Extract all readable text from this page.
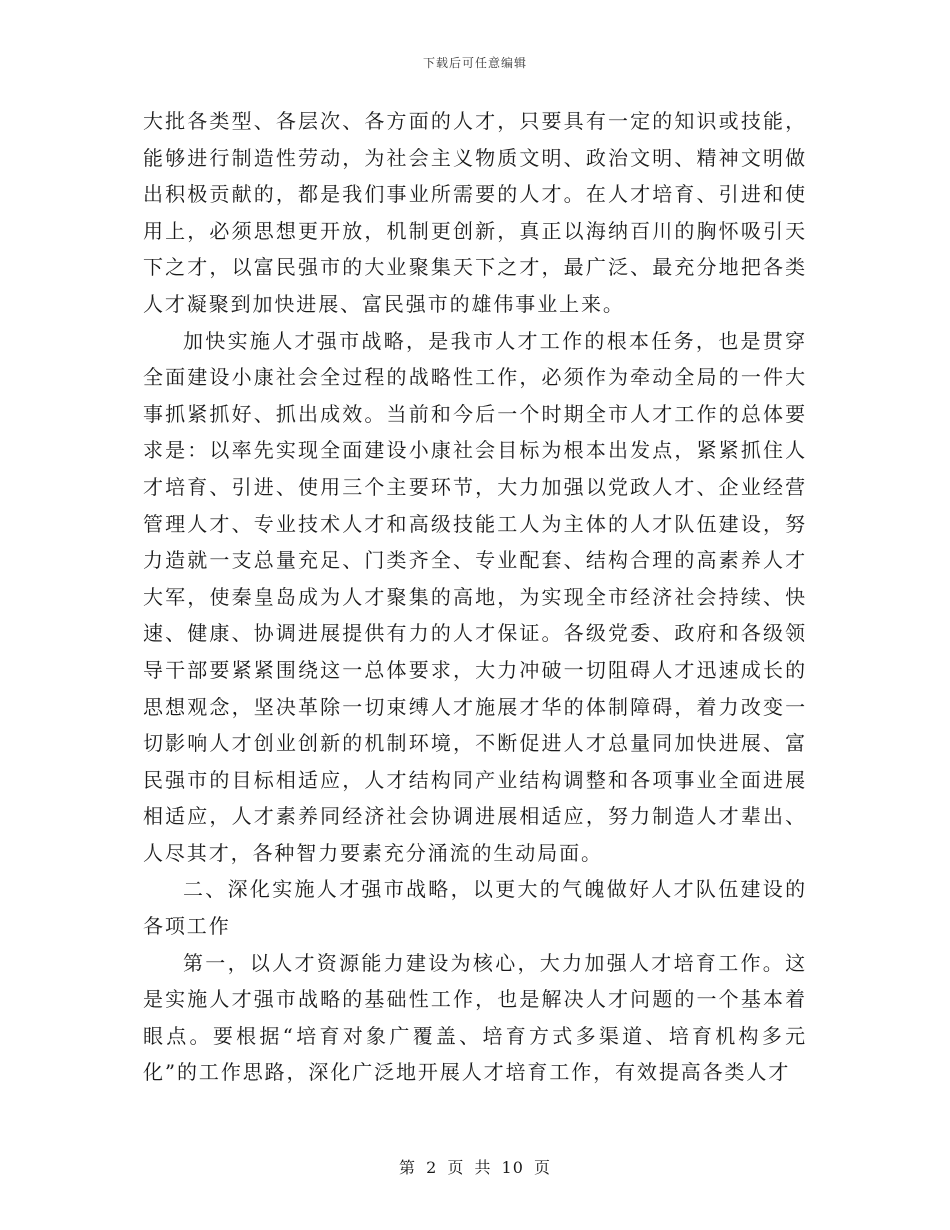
下载后可任意编辑

大批各类型、各层次、各方面的人才，只要具有一定的知识或技能，能够进行制造性劳动，为社会主义物质文明、政治文明、精神文明做出积极贡献的，都是我们事业所需要的人才。在人才培育、引进和使用上，必须思想更开放，机制更创新，真正以海纳百川的胸怀吸引天下之才，以富民强市的大业聚集天下之才，最广泛、最充分地把各类人才凝聚到加快进展、富民强市的雄伟事业上来。

加快实施人才强市战略，是我市人才工作的根本任务，也是贯穿全面建设小康社会全过程的战略性工作，必须作为牵动全局的一件大事抓紧抓好、抓出成效。当前和今后一个时期全市人才工作的总体要求是：以率先实现全面建设小康社会目标为根本出发点，紧紧抓住人才培育、引进、使用三个主要环节，大力加强以党政人才、企业经营管理人才、专业技术人才和高级技能工人为主体的人才队伍建设，努力造就一支总量充足、门类齐全、专业配套、结构合理的高素养人才大军，使秦皇岛成为人才聚集的高地，为实现全市经济社会持续、快速、健康、协调进展提供有力的人才保证。各级党委、政府和各级领导干部要紧紧围绕这一总体要求，大力冲破一切阻碍人才迅速成长的思想观念，坚决革除一切束缚人才施展才华的体制障碍，着力改变一切影响人才创业创新的机制环境，不断促进人才总量同加快进展、富民强市的目标相适应，人才结构同产业结构调整和各项事业全面进展相适应，人才素养同经济社会协调进展相适应，努力制造人才辈出、人尽其才，各种智力要素充分涌流的生动局面。

二、深化实施人才强市战略，以更大的气魄做好人才队伍建设的各项工作

第一，以人才资源能力建设为核心，大力加强人才培育工作。这是实施人才强市战略的基础性工作，也是解决人才问题的一个基本着眼点。要根据“培育对象广覆盖、培育方式多渠道、培育机构多元化”的工作思路，深化广泛地开展人才培育工作，有效提高各类人才

第 2 页 共 10 页
